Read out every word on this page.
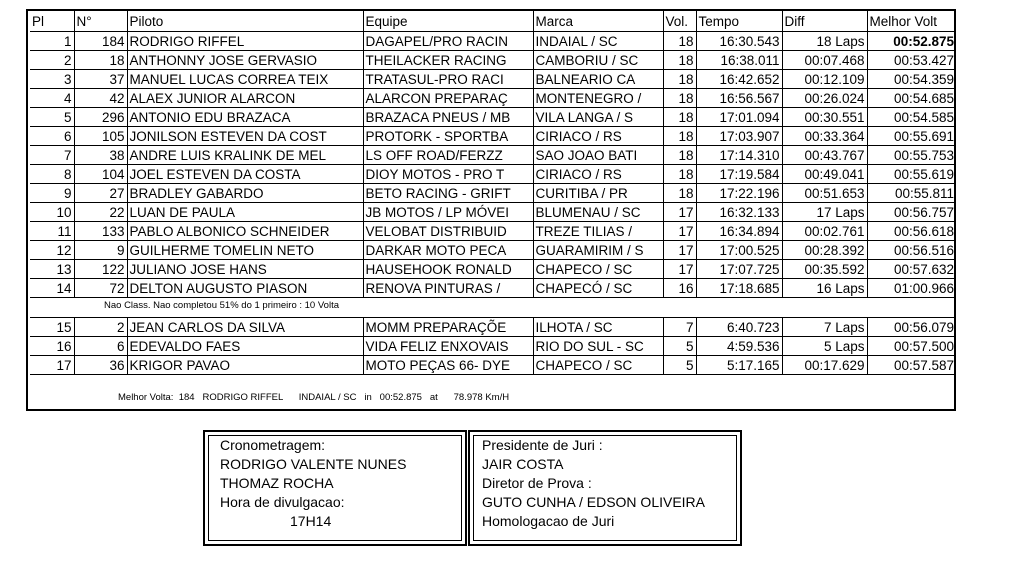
Pl	N°	Piloto	Equipe	Marca	Vol.	Tempo	Diff	Melhor Volt
1	184	RODRIGO RIFFEL	DAGAPEL/PRO RACIN	INDAIAL / SC	18	16:30.543	18 Laps	00:52.875
2	18	ANTHONNY JOSE GERVASIO	THEILACKER RACING	CAMBORIU / SC	18	16:38.011	00:07.468	00:53.427
3	37	MANUEL LUCAS CORREA TEIX	TRATASUL-PRO RACI	BALNEARIO CA	18	16:42.652	00:12.109	00:54.359
4	42	ALAEX JUNIOR ALARCON	ALARCON PREPARAÇ	MONTENEGRO /	18	16:56.567	00:26.024	00:54.685
5	296	ANTONIO EDU BRAZACA	BRAZACA PNEUS / MB	VILA LANGA / S	18	17:01.094	00:30.551	00:54.585
6	105	JONILSON ESTEVEN DA COST	PROTORK - SPORTBA	CIRIACO / RS	18	17:03.907	00:33.364	00:55.691
7	38	ANDRE LUIS KRALINK DE MEL	LS OFF ROAD/FERZZ	SAO JOAO BATI	18	17:14.310	00:43.767	00:55.753
8	104	JOEL ESTEVEN DA COSTA	DIOY MOTOS - PRO T	CIRIACO / RS	18	17:19.584	00:49.041	00:55.619
9	27	BRADLEY GABARDO	BETO RACING - GRIFT	CURITIBA / PR	18	17:22.196	00:51.653	00:55.811
10	22	LUAN DE PAULA	JB MOTOS / LP MÓVEI	BLUMENAU / SC	17	16:32.133	17 Laps	00:56.757
11	133	PABLO ALBONICO SCHNEIDER	VELOBAT DISTRIBUID	TREZE TILIAS /	17	16:34.894	00:02.761	00:56.618
12	9	GUILHERME TOMELIN NETO	DARKAR MOTO PECA	GUARAMIRIM / S	17	17:00.525	00:28.392	00:56.516
13	122	JULIANO JOSE HANS	HAUSEHOOK RONALD	CHAPECO / SC	17	17:07.725	00:35.592	00:57.632
14	72	DELTON AUGUSTO PIASON	RENOVA PINTURAS /	CHAPECÓ / SC	16	17:18.685	16 Laps	01:00.966
Nao Class. Nao completou 51% do 1 primeiro : 10 Volta								

15	2	JEAN CARLOS DA SILVA	MOMM PREPARAÇÕE	ILHOTA / SC	7	6:40.723	7 Laps	00:56.079
16	6	EDEVALDO FAES	VIDA FELIZ ENXOVAIS	RIO DO SUL - SC	5	4:59.536	5 Laps	00:57.500
17	36	KRIGOR PAVAO	MOTO PEÇAS 66- DYE	CHAPECO / SC	5	5:17.165	00:17.629	00:57.587
Melhor Volta:  184   RODRIGO RIFFEL      INDAIAL / SC   in   00:52.875   at      78.978 Km/H
Cronometragem:
RODRIGO VALENTE NUNES
THOMAZ ROCHA
Hora de divulgacao:
17H14
Presidente de Juri :
JAIR COSTA
Diretor de Prova :
GUTO CUNHA / EDSON OLIVEIRA
Homologacao de Juri
